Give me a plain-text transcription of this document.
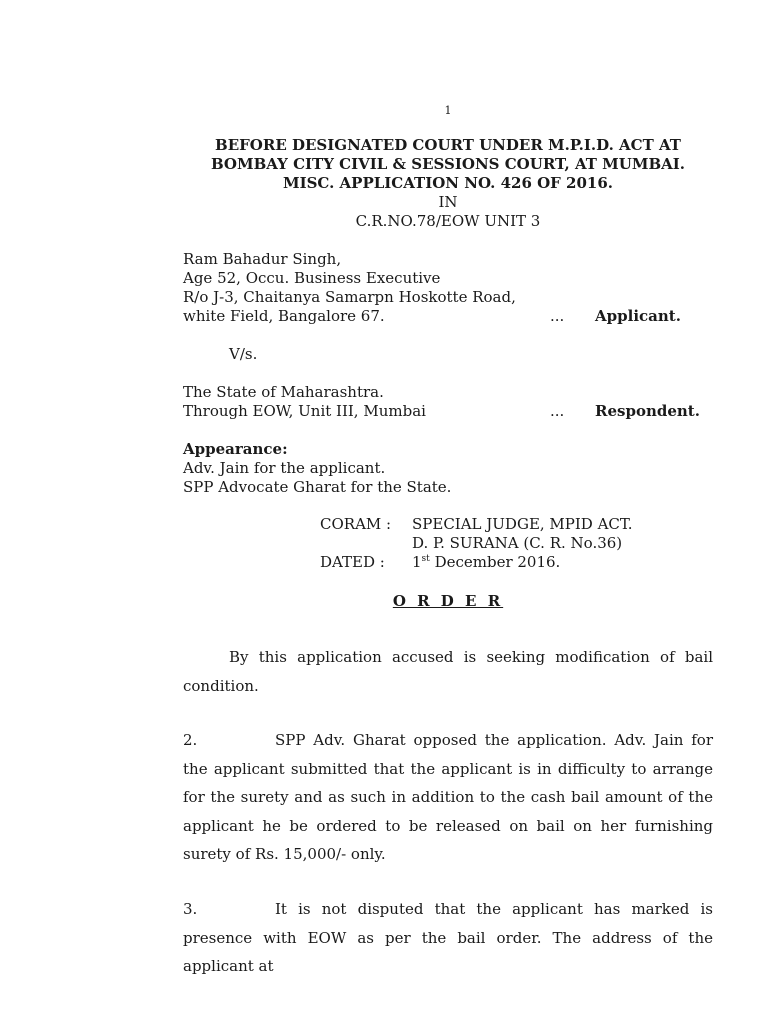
1
BEFORE DESIGNATED COURT UNDER M.P.I.D. ACT AT
BOMBAY CITY CIVIL & SESSIONS COURT, AT MUMBAI.
MISC. APPLICATION NO. 426 OF 2016.
IN
C.R.NO.78/EOW UNIT 3
Ram Bahadur Singh,
Age 52, Occu. Business Executive
R/o J-3, Chaitanya Samarpn Hoskotte Road,
white Field, Bangalore 67.	... Applicant.
V/s.
The State of Maharashtra.
Through EOW, Unit III, Mumbai	... Respondent.
Appearance:
Adv. Jain for the applicant.
SPP Advocate Gharat for the State.
CORAM : SPECIAL JUDGE, MPID ACT.
D. P. SURANA (C. R. No.36)
DATED : 1st December 2016.
O R D E R

By this application accused is seeking modification of bail condition.

2.	SPP Adv. Gharat opposed the application. Adv. Jain for the applicant submitted that the applicant is in difficulty to arrange for the surety and as such in addition to the cash bail amount of the applicant he be ordered to be released on bail on her furnishing surety of Rs. 15,000/- only.

3.	It is not disputed that the applicant has marked is presence with EOW as per the bail order. The address of the applicant at
